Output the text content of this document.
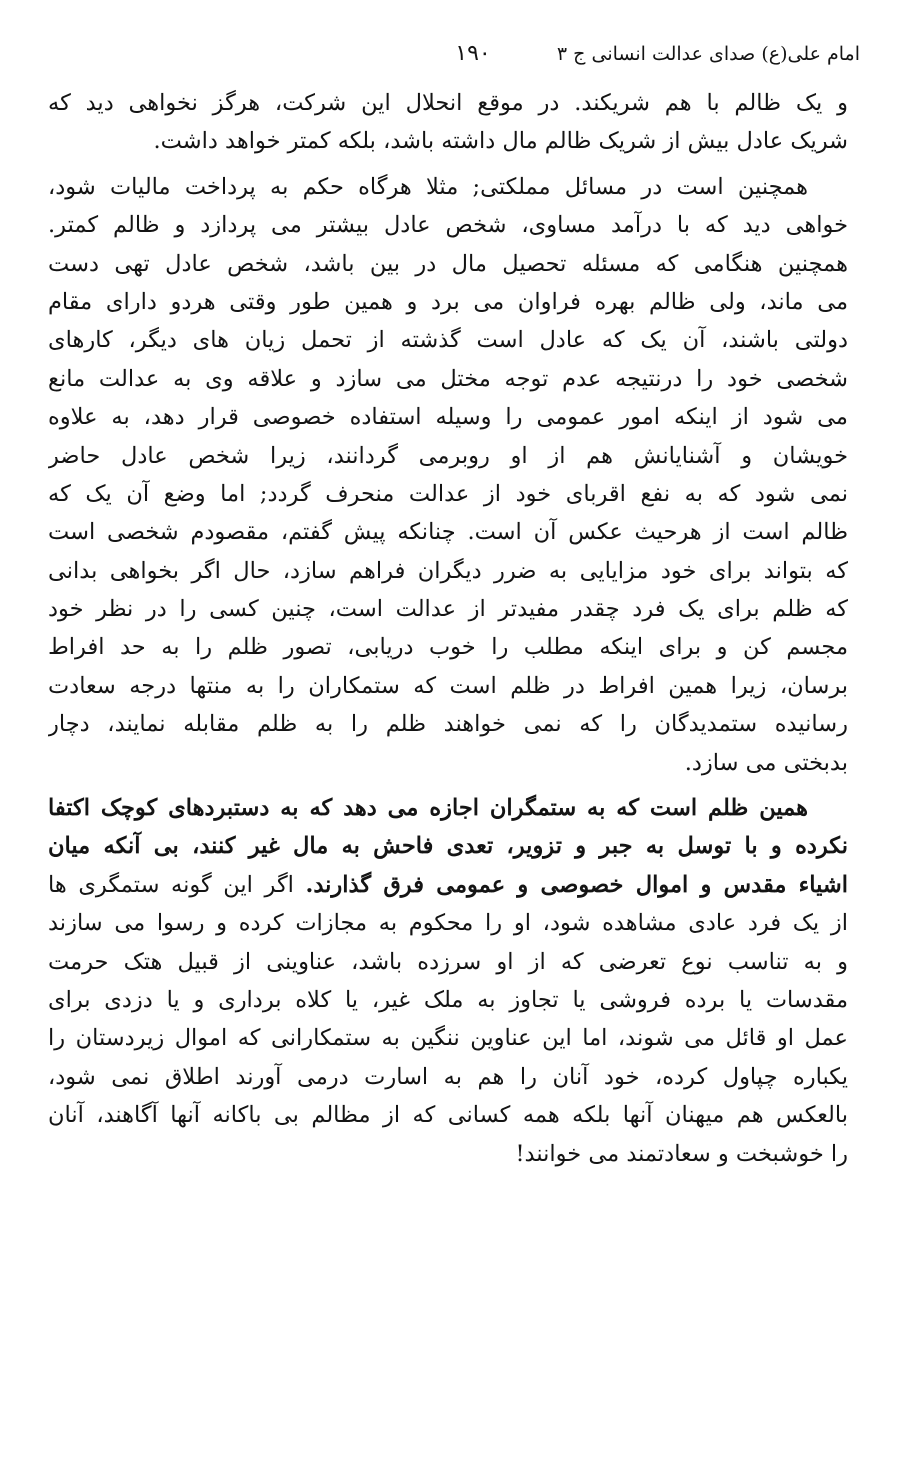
امام علی(ع) صدای عدالت انسانی ج ۳
۱۹۰
و یک ظالم با هم شریکند. در موقع انحلال این شرکت، هرگز نخواهی دید که
شریک عادل بیش از شریک ظالم مال داشته باشد، بلکه کمتر خواهد داشت.
همچنین است در مسائل مملکتی; مثلا هرگاه حکم به پرداخت مالیات شود،
خواهی دید که با درآمد مساوی، شخص عادل بیشتر می پردازد و ظالم کمتر.
همچنین هنگامی که مسئله تحصیل مال در بین باشد، شخص عادل تهی دست
می ماند، ولی ظالم بهره فراوان می برد و همین طور وقتی هردو دارای مقام
دولتی باشند، آن یک که عادل است گذشته از تحمل زیان های دیگر، کارهای
شخصی خود را درنتیجه عدم توجه مختل می سازد و علاقه وی به عدالت مانع
می شود از اینکه امور عمومی را وسیله استفاده خصوصی قرار دهد، به علاوه
خویشان و آشنایانش هم از او روبرمی گردانند، زیرا شخص عادل حاضر
نمی شود که به نفع اقربای خود از عدالت منحرف گردد; اما وضع آن یک که
ظالم است از هرحیث عکس آن است. چنانکه پیش گفتم، مقصودم شخصی است
که بتواند برای خود مزایایی به ضرر دیگران فراهم سازد، حال اگر بخواهی بدانی
که ظلم برای یک فرد چقدر مفیدتر از عدالت است، چنین کسی را در نظر خود
مجسم کن و برای اینکه مطلب را خوب دریابی، تصور ظلم را به حد افراط
برسان، زیرا همین افراط در ظلم است که ستمکاران را به منتها درجه سعادت
رسانیده ستمدیدگان را که نمی خواهند ظلم را به ظلم مقابله نمایند، دچار
بدبختی می سازد.
همین ظلم است که به ستمگران اجازه می دهد که به دستبردهای کوچک اکتفا
نکرده و با توسل به جبر و تزویر، تعدی فاحش به مال غیر کنند، بی آنکه میان
اشیاء مقدس و اموال خصوصی و عمومی فرق گذارند. اگر این گونه ستمگری ها
از یک فرد عادی مشاهده شود، او را محکوم به مجازات کرده و رسوا می سازند
و به تناسب نوع تعرضی که از او سرزده باشد، عناوینی از قبیل هتک حرمت
مقدسات یا برده فروشی یا تجاوز به ملک غیر، یا کلاه برداری و یا دزدی برای
عمل او قائل می شوند، اما این عناوین ننگین به ستمکارانی که اموال زیردستان را
یکباره چپاول کرده، خود آنان را هم به اسارت درمی آورند اطلاق نمی شود،
بالعکس هم میهنان آنها بلکه همه کسانی که از مظالم بی باکانه آنها آگاهند، آنان
را خوشبخت و سعادتمند می خوانند!
